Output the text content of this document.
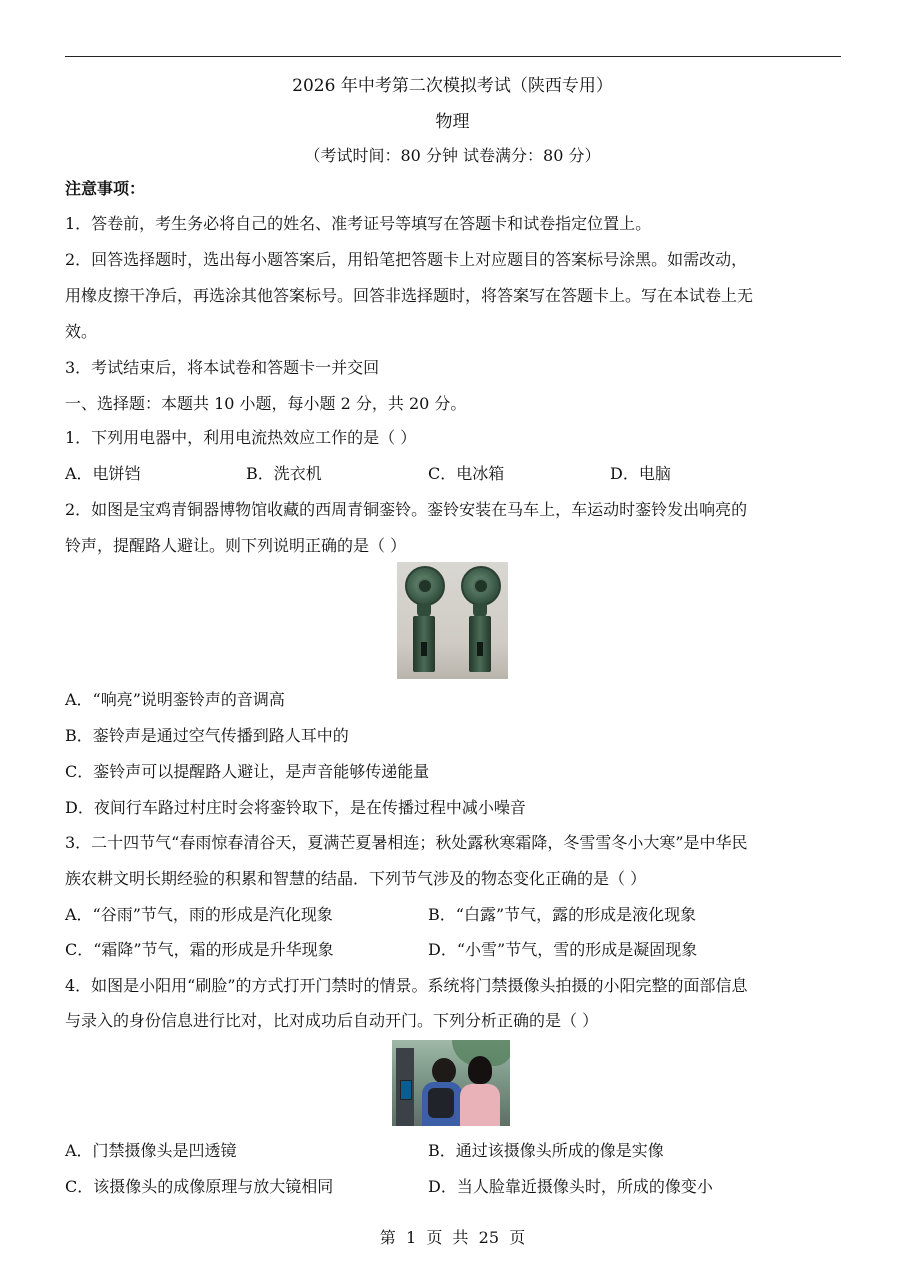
2026 年中考第二次模拟考试（陕西专用）
物理
（考试时间：80 分钟 试卷满分：80 分）
注意事项：
1．答卷前，考生务必将自己的姓名、准考证号等填写在答题卡和试卷指定位置上。
2．回答选择题时，选出每小题答案后，用铅笔把答题卡上对应题目的答案标号涂黑。如需改动，
用橡皮擦干净后，再选涂其他答案标号。回答非选择题时，将答案写在答题卡上。写在本试卷上无
效。
3．考试结束后，将本试卷和答题卡一并交回
一、选择题：本题共 10 小题，每小题 2 分，共 20 分。
1．下列用电器中，利用电流热效应工作的是（ ）
A．电饼铛	B．洗衣机	C．电冰箱	D．电脑
2．如图是宝鸡青铜器博物馆收藏的西周青铜銮铃。銮铃安装在马车上，车运动时銮铃发出响亮的
铃声，提醒路人避让。则下列说明正确的是（ ）
A．“响亮”说明銮铃声的音调高
B．銮铃声是通过空气传播到路人耳中的
C．銮铃声可以提醒路人避让，是声音能够传递能量
D．夜间行车路过村庄时会将銮铃取下，是在传播过程中减小噪音
3．二十四节气“春雨惊春清谷天，夏满芒夏暑相连；秋处露秋寒霜降，冬雪雪冬小大寒”是中华民
族农耕文明长期经验的积累和智慧的结晶．下列节气涉及的物态变化正确的是（ ）
A．“谷雨”节气，雨的形成是汽化现象	B．“白露”节气，露的形成是液化现象
C．“霜降”节气，霜的形成是升华现象	D．“小雪”节气，雪的形成是凝固现象
4．如图是小阳用“刷脸”的方式打开门禁时的情景。系统将门禁摄像头拍摄的小阳完整的面部信息
与录入的身份信息进行比对，比对成功后自动开门。下列分析正确的是（ ）
A．门禁摄像头是凹透镜	B．通过该摄像头所成的像是实像
C．该摄像头的成像原理与放大镜相同	D．当人脸靠近摄像头时，所成的像变小
第  1  页  共  25  页
